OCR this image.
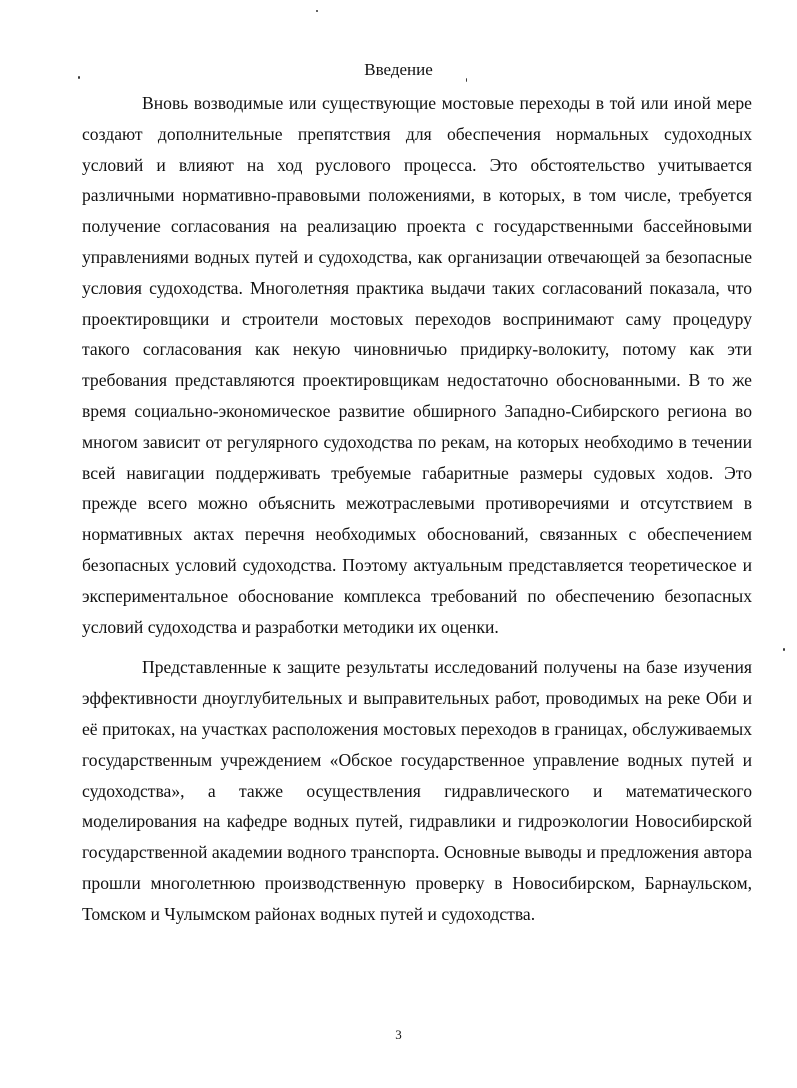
Введение

Вновь возводимые или существующие мостовые переходы в той или иной мере создают дополнительные препятствия для обеспечения нормальных судоходных условий и влияют на ход руслового процесса. Это обстоятельство учитывается различными нормативно-правовыми положениями, в которых, в том числе, требуется получение согласования на реализацию проекта с государственными бассейновыми управлениями водных путей и судоходства, как организации отвечающей за безопасные условия судоходства. Многолетняя практика выдачи таких согласований показала, что проектировщики и строители мостовых переходов воспринимают саму процедуру такого согласования как некую чиновничью придирку-волокиту, потому как эти требования представляются проектировщикам недостаточно обоснованными. В то же время социально-экономическое развитие обширного Западно-Сибирского региона во многом зависит от регулярного судоходства по рекам, на которых необходимо в течении всей навигации поддерживать требуемые габаритные размеры судовых ходов. Это прежде всего можно объяснить межотраслевыми противоречиями и отсутствием в нормативных актах перечня необходимых обоснований, связанных с обеспечением безопасных условий судоходства. Поэтому актуальным представляется теоретическое и экспериментальное обоснование комплекса требований по обеспечению безопасных условий судоходства и разработки методики их оценки.

Представленные к защите результаты исследований получены на базе изучения эффективности дноуглубительных и выправительных работ, проводимых на реке Оби и её притоках, на участках расположения мостовых переходов в границах, обслуживаемых государственным учреждением «Обское государственное управление водных путей и судоходства», а также осуществления гидравлического и математического моделирования на кафедре водных путей, гидравлики и гидроэкологии Новосибирской государственной академии водного транспорта. Основные выводы и предложения автора прошли многолетнюю производственную проверку в Новосибирском, Барнаульском, Томском и Чулымском районах водных путей и судоходства.

3
